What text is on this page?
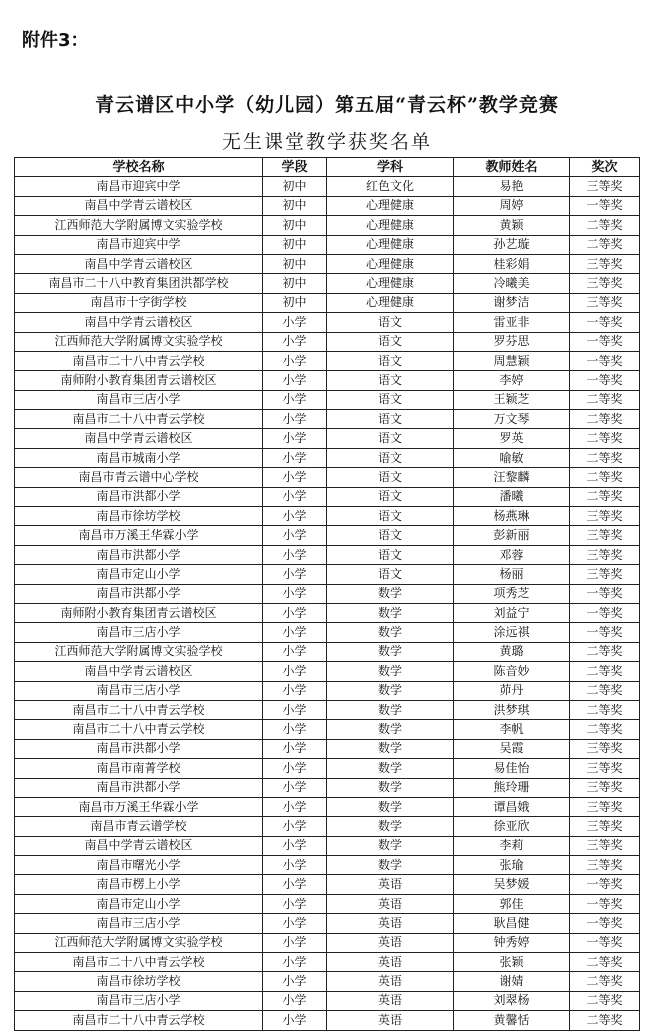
附件3：
青云谱区中小学（幼儿园）第五届“青云杯”教学竞赛
无生课堂教学获奖名单
学校名称	学段	学科	教师姓名	奖次
南昌市迎宾中学	初中	红色文化	易艳	三等奖
南昌中学青云谱校区	初中	心理健康	周婷	一等奖
江西师范大学附属博文实验学校	初中	心理健康	黄颖	二等奖
南昌市迎宾中学	初中	心理健康	孙艺璇	二等奖
南昌中学青云谱校区	初中	心理健康	桂彩娟	三等奖
南昌市二十八中教育集团洪都学校	初中	心理健康	冷曦美	三等奖
南昌市十字街学校	初中	心理健康	谢梦洁	三等奖
南昌中学青云谱校区	小学	语文	雷亚非	一等奖
江西师范大学附属博文实验学校	小学	语文	罗芬思	一等奖
南昌市二十八中青云学校	小学	语文	周慧颖	一等奖
南师附小教育集团青云谱校区	小学	语文	李婷	一等奖
南昌市三店小学	小学	语文	王颖芝	二等奖
南昌市二十八中青云学校	小学	语文	万文琴	二等奖
南昌中学青云谱校区	小学	语文	罗英	二等奖
南昌市城南小学	小学	语文	喻敏	二等奖
南昌市青云谱中心学校	小学	语文	汪黎麟	二等奖
南昌市洪都小学	小学	语文	潘曦	二等奖
南昌市徐坊学校	小学	语文	杨燕琳	三等奖
南昌市万溪王华霖小学	小学	语文	彭新丽	三等奖
南昌市洪都小学	小学	语文	邓蓉	三等奖
南昌市定山小学	小学	语文	杨丽	三等奖
南昌市洪都小学	小学	数学	项秀芝	一等奖
南师附小教育集团青云谱校区	小学	数学	刘益宁	一等奖
南昌市三店小学	小学	数学	涂远祺	一等奖
江西师范大学附属博文实验学校	小学	数学	黄璐	二等奖
南昌中学青云谱校区	小学	数学	陈音妙	二等奖
南昌市三店小学	小学	数学	茆丹	二等奖
南昌市二十八中青云学校	小学	数学	洪梦琪	二等奖
南昌市二十八中青云学校	小学	数学	李帆	二等奖
南昌市洪都小学	小学	数学	吴霞	三等奖
南昌市南菁学校	小学	数学	易佳怡	三等奖
南昌市洪都小学	小学	数学	熊玲珊	三等奖
南昌市万溪王华霖小学	小学	数学	谭昌娥	三等奖
南昌市青云谱学校	小学	数学	徐亚欣	三等奖
南昌中学青云谱校区	小学	数学	李莉	三等奖
南昌市曙光小学	小学	数学	张瑜	三等奖
南昌市楞上小学	小学	英语	吴梦媛	一等奖
南昌市定山小学	小学	英语	郭佳	一等奖
南昌市三店小学	小学	英语	耿昌健	一等奖
江西师范大学附属博文实验学校	小学	英语	钟秀婷	一等奖
南昌市二十八中青云学校	小学	英语	张颖	二等奖
南昌市徐坊学校	小学	英语	谢婧	二等奖
南昌市三店小学	小学	英语	刘翠杨	二等奖
南昌市二十八中青云学校	小学	英语	黄馨恬	二等奖
